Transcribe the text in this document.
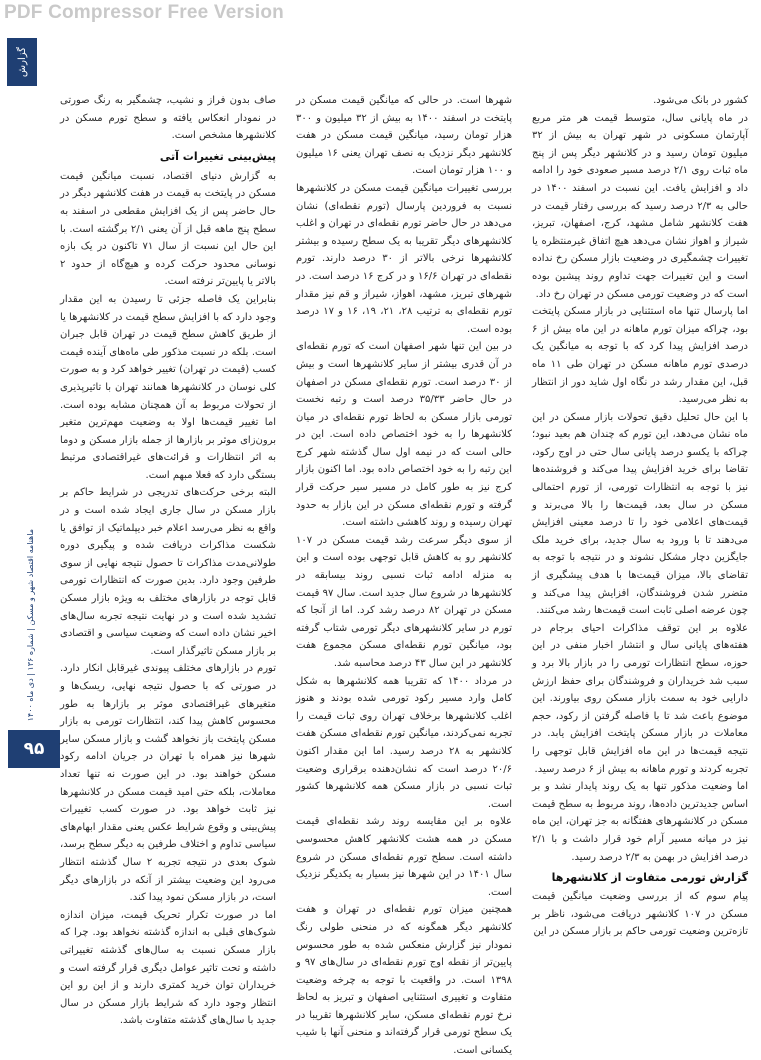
PDF Compressor Free Version
گزارش
ماهنامه اقتصاد شهر و مسکن | شماره ۱۳۶ | دی ماه ۱۴۰۰
۹۵

کشور در بانک می‌شود.

در ماه پایانی سال، متوسط قیمت هر متر مربع آپارتمان مسکونی در شهر تهران به بیش از ۳۲ میلیون تومان رسید و در کلانشهر دیگر پس از پنج ماه ثبات روی ۲/۱ درصد مسیر صعودی خود را ادامه داد و افزایش یافت. این نسبت در اسفند ۱۴۰۰ در حالی به ۲/۳ درصد رسید که بررسی رفتار قیمت در هفت کلانشهر شامل مشهد، کرج، اصفهان، تبریز، شیراز و اهواز نشان می‌دهد هیچ اتفاق غیرمنتظره یا تغییرات چشمگیری در وضعیت بازار مسکن رخ نداده است و این تغییرات جهت تداوم روند پیشین بوده است که در وضعیت تورمی مسکن در تهران رخ داد.

اما پارسال تنها ماه استثنایی در بازار مسکن پایتخت بود، چراکه میزان تورم ماهانه در این ماه بیش از ۶ درصد افزایش پیدا کرد که با توجه به میانگین یک درصدی تورم ماهانه مسکن در تهران طی ۱۱ ماه قبل، این مقدار رشد در نگاه اول شاید دور از انتظار به نظر می‌رسید.

با این حال تحلیل دقیق تحولات بازار مسکن در این ماه نشان می‌دهد، این تورم که چندان هم بعید نبود؛ چراکه با یکسو درصد پایانی سال حتی در اوج رکود، تقاضا برای خرید افزایش پیدا می‌کند و فروشنده‌ها نیز با توجه به انتظارات تورمی، از تورم احتمالی مسکن در سال بعد، قیمت‌ها را بالا می‌برند و قیمت‌های اعلامی خود را تا درصد معینی افزایش می‌دهند تا با ورود به سال جدید، برای خرید ملک جایگزین دچار مشکل نشوند و در نتیجه با توجه به تقاضای بالا، میزان قیمت‌ها با هدف پیشگیری از متضرر شدن فروشندگان، افزایش پیدا می‌کند و چون عرضه اصلی ثابت است قیمت‌ها رشد می‌کنند.

علاوه بر این توقف مذاکرات احیای برجام در هفته‌های پایانی سال و انتشار اخبار منفی در این حوزه، سطح انتظارات تورمی را در بازار بالا برد و سبب شد خریداران و فروشندگان برای حفظ ارزش دارایی خود به سمت بازار مسکن روی بیاورند. این موضوع باعث شد تا با فاصله گرفتن از رکود، حجم معاملات در بازار مسکن پایتخت افزایش یابد. در نتیجه قیمت‌ها در این ماه افزایش قابل توجهی را تجربه کردند و تورم ماهانه به بیش از ۶ درصد رسید.

اما وضعیت مذکور تنها به یک روند پایدار نشد و بر اساس جدیدترین داده‌ها، روند مربوط به سطح قیمت مسکن در کلانشهرهای هفتگانه به جز تهران، این ماه نیز در میانه مسیر آرام خود قرار داشت و با ۲/۱ درصد افزایش در بهمن به ۲/۳ درصد رسید.

گزارش تورمی متفاوت از کلانشهرها

پیام سوم که از بررسی وضعیت میانگین قیمت مسکن در ۱۰۷ کلانشهر دریافت می‌شود، ناظر بر تازه‌ترین وضعیت تورمی حاکم بر بازار مسکن در این

شهرها است. در حالی که میانگین قیمت مسکن در پایتخت در اسفند ۱۴۰۰ به بیش از ۳۲ میلیون و ۳۰۰ هزار تومان رسید، میانگین قیمت مسکن در هفت کلانشهر دیگر نزدیک به نصف تهران یعنی ۱۶ میلیون و ۱۰۰ هزار تومان است.

بررسی تغییرات میانگین قیمت مسکن در کلانشهرها نسبت به فروردین پارسال (تورم نقطه‌ای) نشان می‌دهد در حال حاضر تورم نقطه‌ای در تهران و اغلب کلانشهرهای دیگر تقریبا به یک سطح رسیده و بیشتر کلانشهرها نرخی بالاتر از ۳۰ درصد دارند. تورم نقطه‌ای در تهران ۱۶/۶ و در کرج ۱۶ درصد است. در شهرهای تبریز، مشهد، اهواز، شیراز و قم نیز مقدار تورم نقطه‌ای به ترتیب ۲۸، ۲۱، ۱۹، ۱۶ و ۱۷ درصد بوده است.

در بین این تنها شهر اصفهان است که تورم نقطه‌ای در آن قدری بیشتر از سایر کلانشهرها است و بیش از ۳۰ درصد است. تورم نقطه‌ای مسکن در اصفهان در حال حاضر ۳۵/۳۳ درصد است و رتبه نخست تورمی بازار مسکن به لحاظ تورم نقطه‌ای در میان کلانشهرها را به خود اختصاص داده است. این در حالی است که در نیمه اول سال گذشته شهر کرج این رتبه را به خود اختصاص داده بود. اما اکنون بازار کرج نیز به طور کامل در مسیر سیر حرکت قرار گرفته و تورم نقطه‌ای مسکن در این بازار به حدود تهران رسیده و روند کاهشی داشته است.

از سوی دیگر سرعت رشد قیمت مسکن در ۱۰۷ کلانشهر رو به کاهش قابل توجهی بوده است و این به منزله ادامه ثبات نسبی روند بیسابقه در کلانشهرها در شروع سال جدید است. سال ۹۷ قیمت مسکن در تهران ۸۲ درصد رشد کرد. اما از آنجا که تورم در سایر کلانشهرهای دیگر تورمی شتاب گرفته بود، میانگین تورم نقطه‌ای مسکن مجموع هفت کلانشهر در این سال ۴۳ درصد محاسبه شد.

در مرداد ۱۴۰۰ که تقریبا همه کلانشهرها به شکل کامل وارد مسیر رکود تورمی شده بودند و هنوز اغلب کلانشهرها برخلاف تهران روی ثبات قیمت را تجربه نمی‌کردند، میانگین تورم نقطه‌ای مسکن هفت کلانشهر به ۲۸ درصد رسید. اما این مقدار اکنون ۲۰/۶ درصد است که نشان‌دهنده برقراری وضعیت ثبات نسبی در بازار مسکن همه کلانشهرها کشور است.

علاوه بر این مقایسه روند رشد نقطه‌ای قیمت مسکن در همه هشت کلانشهر کاهش محسوسی داشته است. سطح تورم نقطه‌ای مسکن در شروع سال ۱۴۰۱ در این شهرها نیز بسیار به یکدیگر نزدیک است.

همچنین میزان تورم نقطه‌ای در تهران و هفت کلانشهر دیگر همگونه که در منحنی طولی رنگ نمودار نیز گزارش منعکس شده به طور محسوس پایین‌تر از نقطه اوج تورم نقطه‌ای در سال‌های ۹۷ و ۱۳۹۸ است. در واقعیت با توجه به چرخه وضعیت متفاوت و تغییری استثنایی اصفهان و تبریز به لحاظ نرخ تورم نقطه‌ای مسکن، سایر کلانشهرها تقریبا در یک سطح تورمی قرار گرفته‌اند و منحنی آنها با شیب یکسانی است.

صاف بدون فراز و نشیب، چشمگیر به رنگ صورتی در نمودار انعکاس یافته و سطح تورم مسکن در کلانشهرها مشخص است.

پیش‌بینی تغییرات آتی

به گزارش دنیای اقتصاد، نسبت میانگین قیمت مسکن در پایتخت به قیمت در هفت کلانشهر دیگر در حال حاضر پس از یک افزایش مقطعی در اسفند به سطح پنج ماهه قبل از آن یعنی ۲/۱ برگشته است. با این حال این نسبت از سال ۷۱ تاکنون در یک بازه نوسانی محدود حرکت کرده و هیچ‌گاه از حدود ۲ بالاتر یا پایین‌تر نرفته است.

بنابراین یک فاصله جزئی تا رسیدن به این مقدار وجود دارد که با افزایش سطح قیمت در کلانشهرها یا از طریق کاهش سطح قیمت در تهران قابل جبران است. بلکه در نسبت مذکور طی ماه‌های آینده قیمت کسب (قیمت در تهران) تغییر خواهد کرد و به صورت کلی نوسان در کلانشهرها همانند تهران با تاثیرپذیری از تحولات مربوط به آن همچنان مشابه بوده است. اما تغییر قیمت‌ها اولا به وضعیت مهم‌ترین متغیر برون‌زای موثر بر بازارها از جمله بازار مسکن و دوما به اثر انتظارات و قرائت‌های غیراقتصادی مرتبط بستگی دارد که فعلا مبهم است.

البته برخی حرکت‌های تدریجی در شرایط حاکم بر بازار مسکن در سال جاری ایجاد شده است و در واقع به نظر می‌رسد اعلام خبر دیپلماتیک از توافق یا شکست مذاکرات دریافت شده و پیگیری دوره طولانی‌مدت مذاکرات تا حصول نتیجه نهایی از سوی طرفین وجود دارد. بدین صورت که انتظارات تورمی قابل توجه در بازارهای مختلف به ویژه بازار مسکن تشدید شده است و در نهایت نتیجه تجربه سال‌های اخیر نشان داده است که وضعیت سیاسی و اقتصادی بر بازار مسکن تاثیرگذار است.

تورم در بازارهای مختلف پیوندی غیرقابل انکار دارد. در صورتی که با حصول نتیجه نهایی، ریسک‌ها و متغیرهای غیراقتصادی موثر بر بازارها به طور محسوس کاهش پیدا کند، انتظارات تورمی به بازار مسکن پایتخت باز نخواهد گشت و بازار مسکن سایر شهرها نیز همراه با تهران در جریان ادامه رکود مسکن خواهند بود. در این صورت نه تنها تعداد معاملات، بلکه حتی امید قیمت مسکن در کلانشهرها نیز ثابت خواهد بود. در صورت کسب تغییرات پیش‌بینی و وقوع شرایط عکس یعنی مقدار ابهام‌های سیاسی تداوم و اختلاف طرفین به دیگر سطح برسد، شوک بعدی در نتیجه تجربه ۲ سال گذشته انتظار می‌رود این وضعیت بیشتر از آنکه در بازارهای دیگر است، در بازار مسکن نمود پیدا کند.

اما در صورت تکرار تحریک قیمت، میزان اندازه شوک‌های قبلی به اندازه گذشته نخواهد بود. چرا که بازار مسکن نسبت به سال‌های گذشته تغییراتی داشته و تحت تاثیر عوامل دیگری قرار گرفته است و خریداران توان خرید کمتری دارند و از این رو این انتظار وجود دارد که شرایط بازار مسکن در سال جدید با سال‌های گذشته متفاوت باشد.
